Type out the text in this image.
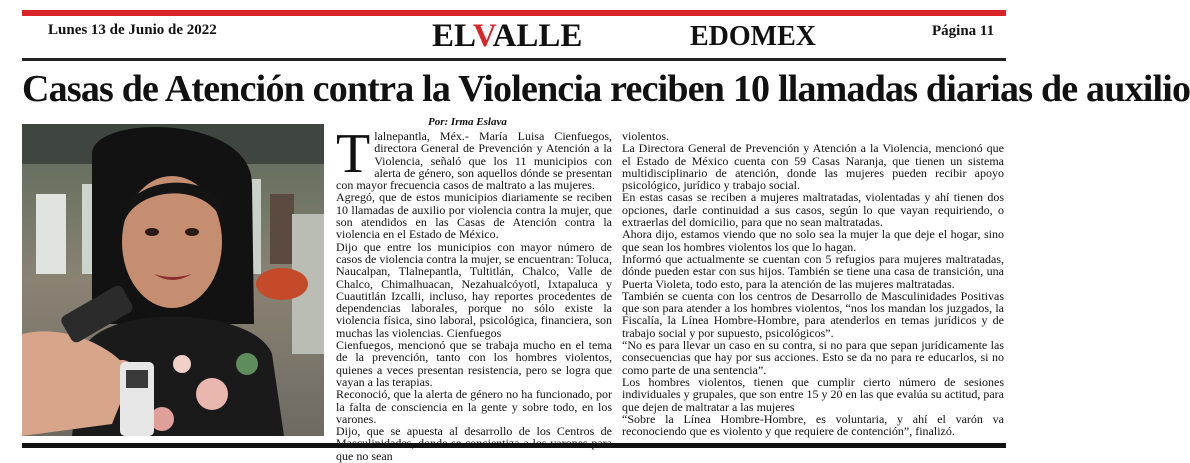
Lunes 13 de Junio de 2022	ELVALLE	EDOMEX	Página 11
Casas de Atención contra la Violencia reciben 10 llamadas diarias de auxilio
Por: Irma Eslava

Tlalnepantla, Méx.- María Luisa Cienfuegos, directora General de Prevención y Atención a la Violencia, señaló que los 11 municipios con alerta de género, son aquellos dónde se presentan con mayor frecuencia casos de maltrato a las mujeres.

Agregó, que de estos municipios diariamente se reciben 10 llamadas de auxilio por violencia contra la mujer, que son atendidos en las Casas de Atención contra la violencia en el Estado de México.

Dijo que entre los municipios con mayor número de casos de violencia contra la mujer, se encuentran: Toluca, Naucalpan, Tlalnepantla, Tultitlán, Chalco, Valle de Chalco, Chimalhuacan, Nezahualcóyotl, Ixtapaluca y Cuautitlán Izcalli, incluso, hay reportes procedentes de dependencias laborales, porque no sólo existe la violencia física, sino laboral, psicológica, financiera, son muchas las violencias. Cienfuegos

Cienfuegos, mencionó que se trabaja mucho en el tema de la prevención, tanto con los hombres violentos, quienes a veces presentan resistencia, pero se logra que vayan a las terapias.

Reconoció, que la alerta de género no ha funcionado, por la falta de consciencia en la gente y sobre todo, en los varones.

Dijo, que se apuesta al desarrollo de los Centros de que no sean

violentos.

La Directora General de Prevención y Atención a la Violencia, mencionó que el Estado de México cuenta con 59 Casas Naranja, que tienen un sistema multidisciplinario de atención, donde las mujeres pueden recibir apoyo psicológico, jurídico y trabajo social.

En estas casas se reciben a mujeres maltratadas, violentadas y ahí tienen dos opciones, darle continuidad a sus casos, según lo que vayan requiriendo, o extraerlas del domicilio, para que no sean maltratadas.

Ahora dijo, estamos viendo que no solo sea la mujer la que deje el hogar, sino que sean los hombres violentos los que lo hagan.

Informó que actualmente se cuentan con 5 refugios para mujeres maltratadas, dónde pueden estar con sus hijos. También se tiene una casa de transición, una Puerta Violeta, todo esto, para la atención de las mujeres maltratadas.

También se cuenta con los centros de Desarrollo de Masculinidades Positivas que son para atender a los hombres violentos, “nos los mandan los juzgados, la Fiscalía, la Línea Hombre-Hombre, para atenderlos en temas jurídicos y de trabajo social y por supuesto, psicológicos”.

“No es para llevar un caso en su contra, si no para que sepan jurídicamente las consecuencias que hay por sus acciones. Esto se da no para re educarlos, si no como parte de una sentencia”.

Los hombres violentos, tienen que cumplir cierto número de sesiones individuales y grupales, que son entre 15 y 20 en las que evalúa su actitud, para que dejen de maltratar a las mujeres

“Sobre la Línea Hombre-Hombre, es voluntaria, y ahí el varón va reconociendo que es violento y que requiere de contención”, finalizó.
